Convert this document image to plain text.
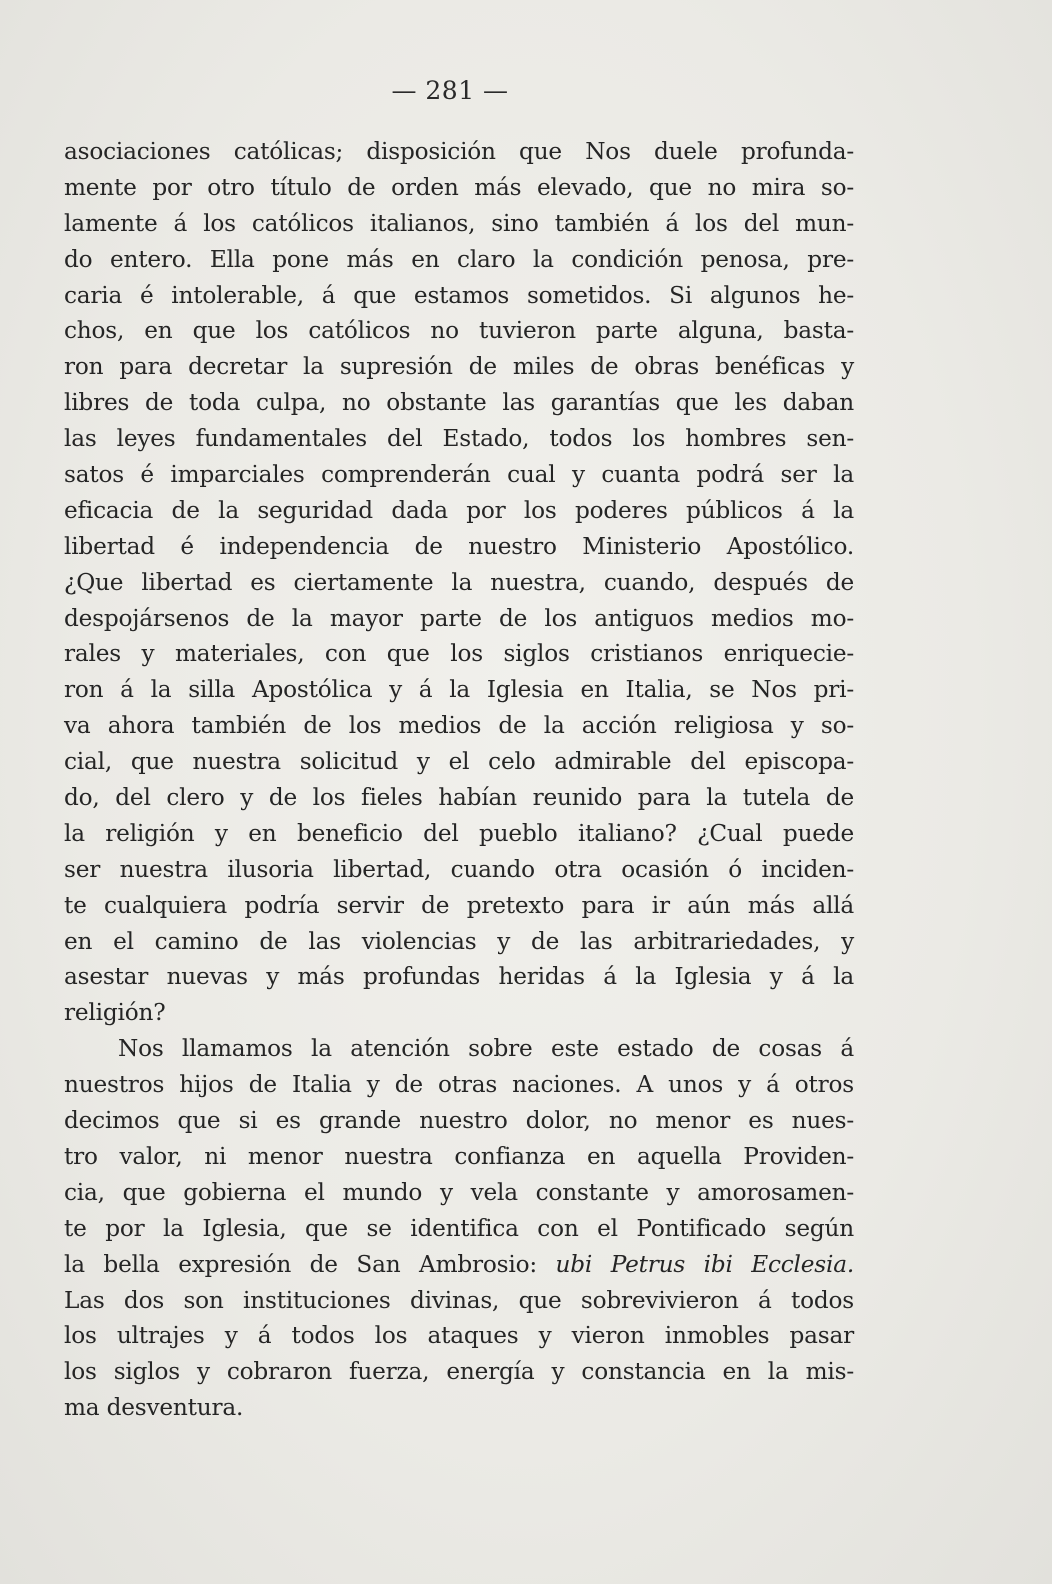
— 281 —
asociaciones católicas; disposición que Nos duele profunda-
mente por otro título de orden más elevado, que no mira so-
lamente á los católicos italianos, sino también á los del mun-
do entero. Ella pone más en claro la condición penosa, pre-
caria é intolerable, á que estamos sometidos. Si algunos he-
chos, en que los católicos no tuvieron parte alguna, basta-
ron para decretar la supresión de miles de obras benéficas y
libres de toda culpa, no obstante las garantías que les daban
las leyes fundamentales del Estado, todos los hombres sen-
satos é imparciales comprenderán cual y cuanta podrá ser la
eficacia de la seguridad dada por los poderes públicos á la
libertad é independencia de nuestro Ministerio Apostólico.
¿Que libertad es ciertamente la nuestra, cuando, después de
despojársenos de la mayor parte de los antiguos medios mo-
rales y materiales, con que los siglos cristianos enriquecie-
ron á la silla Apostólica y á la Iglesia en Italia, se Nos pri-
va ahora también de los medios de la acción religiosa y so-
cial, que nuestra solicitud y el celo admirable del episcopa-
do, del clero y de los fieles habían reunido para la tutela de
la religión y en beneficio del pueblo italiano? ¿Cual puede
ser nuestra ilusoria libertad, cuando otra ocasión ó inciden-
te cualquiera podría servir de pretexto para ir aún más allá
en el camino de las violencias y de las arbitrariedades, y
asestar nuevas y más profundas heridas á la Iglesia y á la
religión?
Nos llamamos la atención sobre este estado de cosas á
nuestros hijos de Italia y de otras naciones. A unos y á otros
decimos que si es grande nuestro dolor, no menor es nues-
tro valor, ni menor nuestra confianza en aquella Providen-
cia, que gobierna el mundo y vela constante y amorosamen-
te por la Iglesia, que se identifica con el Pontificado según
la bella expresión de San Ambrosio: ubi Petrus ibi Ecclesia.
Las dos son instituciones divinas, que sobrevivieron á todos
los ultrajes y á todos los ataques y vieron inmobles pasar
los siglos y cobraron fuerza, energía y constancia en la mis-
ma desventura.
